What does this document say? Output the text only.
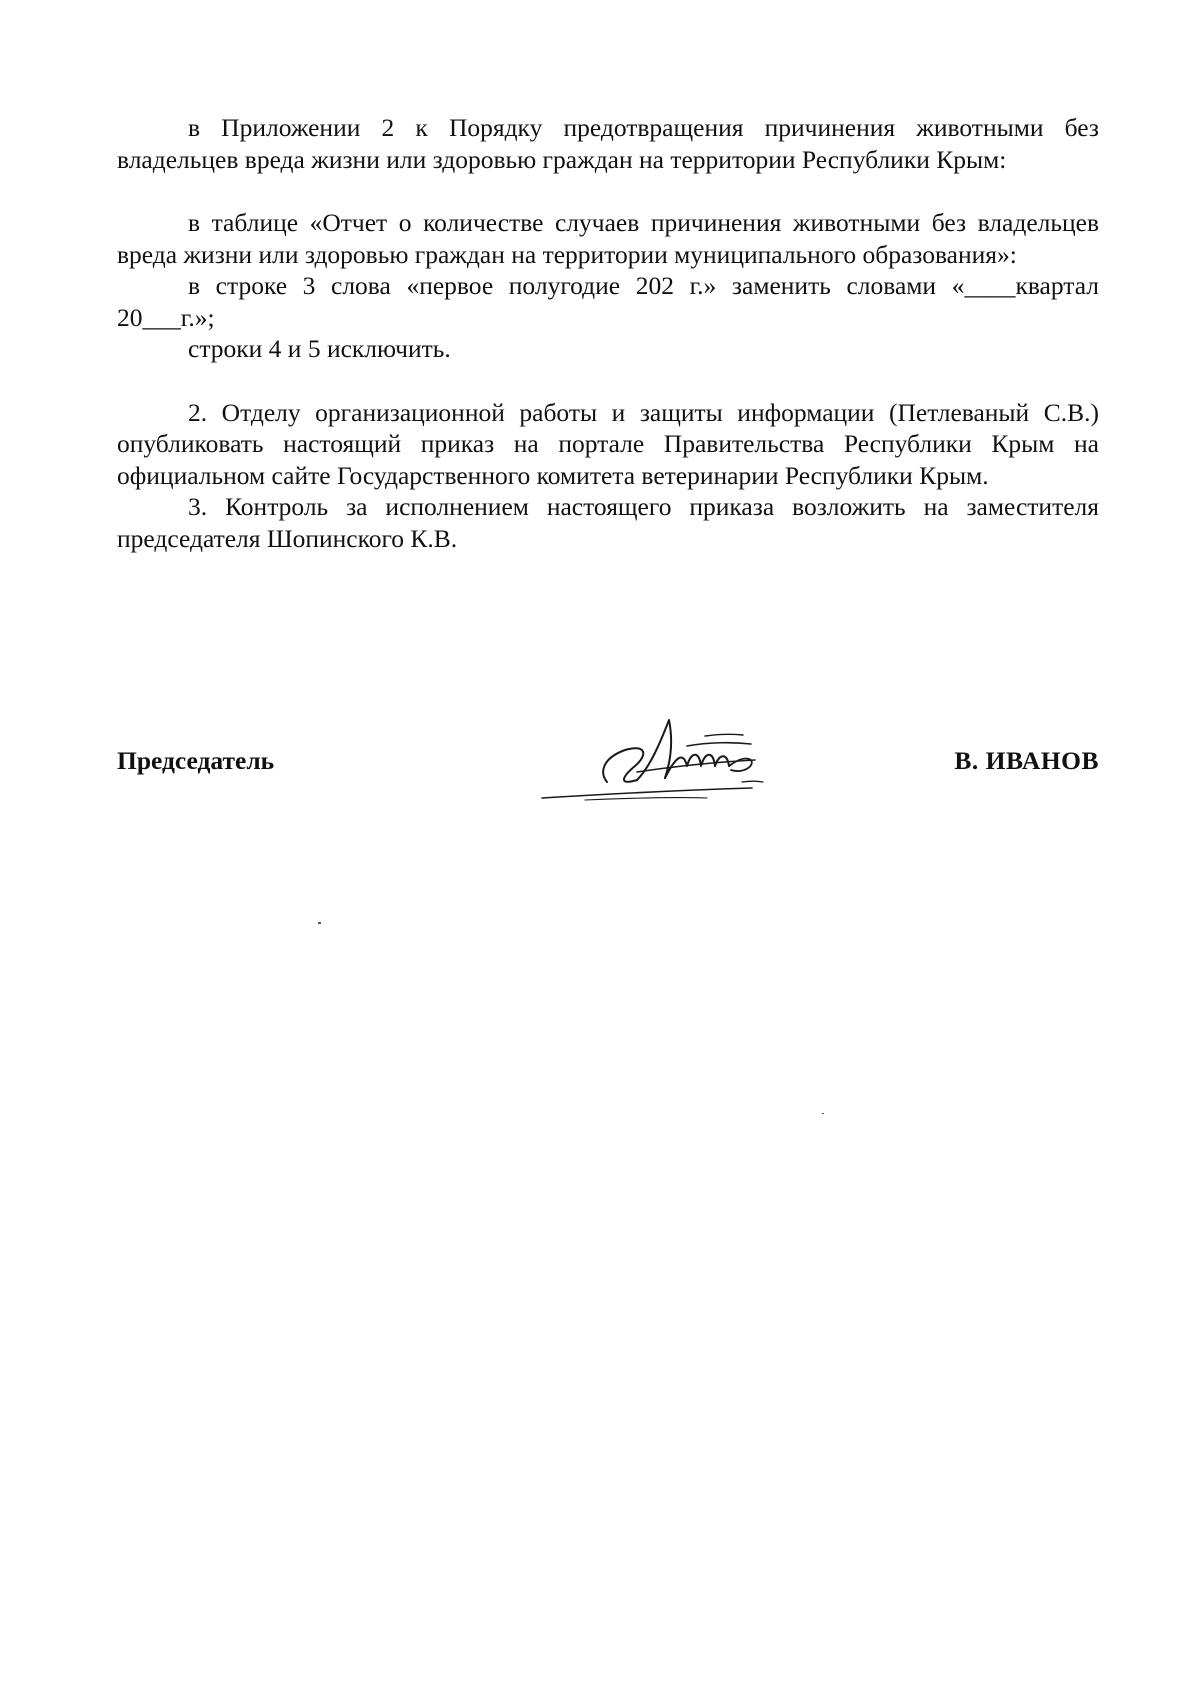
в Приложении 2 к Порядку предотвращения причинения животными без владельцев вреда жизни или здоровью граждан на территории Республики Крым:

в таблице «Отчет о количестве случаев причинения животными без владельцев вреда жизни или здоровью граждан на территории муниципального образования»:

в строке 3 слова «первое полугодие 202 г.» заменить словами «____квартал 20___г.»;

строки 4 и 5 исключить.

2. Отделу организационной работы и защиты информации (Петлеваный С.В.) опубликовать настоящий приказ на портале Правительства Республики Крым на официальном сайте Государственного комитета ветеринарии Республики Крым.

3. Контроль за исполнением настоящего приказа возложить на заместителя председателя Шопинского К.В.

Председатель	В. ИВАНОВ
